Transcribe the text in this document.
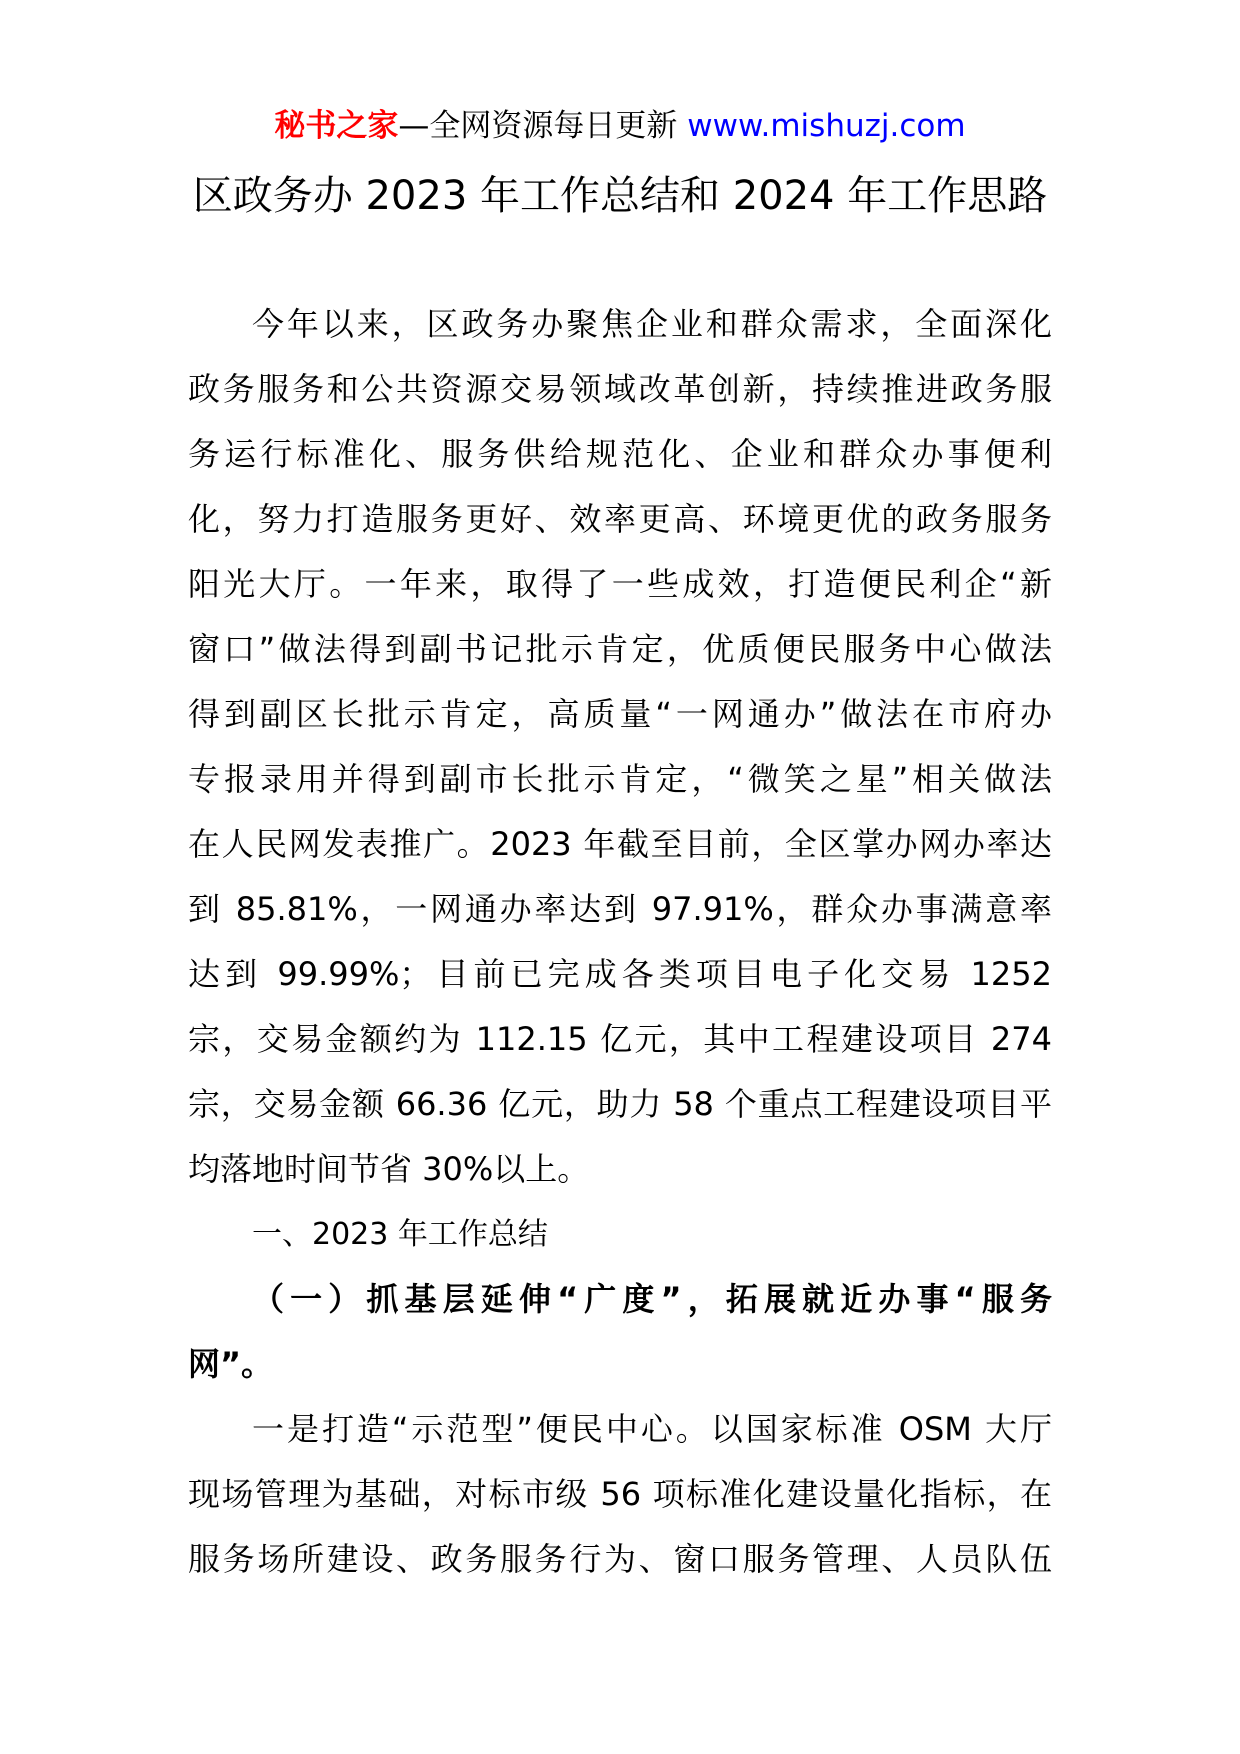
秘书之家—全网资源每日更新 www.mishuzj.com
区政务办 2023 年工作总结和 2024 年工作思路
今年以来，区政务办聚焦企业和群众需求，全面深化
政务服务和公共资源交易领域改革创新，持续推进政务服
务运行标准化、服务供给规范化、企业和群众办事便利
化，努力打造服务更好、效率更高、环境更优的政务服务
阳光大厅。一年来，取得了一些成效，打造便民利企“新
窗口”做法得到副书记批示肯定，优质便民服务中心做法
得到副区长批示肯定，高质量“一网通办”做法在市府办
专报录用并得到副市长批示肯定，“微笑之星”相关做法
在人民网发表推广。2023 年截至目前，全区掌办网办率达
到 85.81%，一网通办率达到 97.91%，群众办事满意率
达到 99.99%；目前已完成各类项目电子化交易 1252
宗，交易金额约为 112.15 亿元，其中工程建设项目 274
宗，交易金额 66.36 亿元，助力 58 个重点工程建设项目平
均落地时间节省 30%以上。
一、2023 年工作总结
（一）抓基层延伸“广度”，拓展就近办事“服务
网”。
一是打造“示范型”便民中心。以国家标准 OSM 大厅
现场管理为基础，对标市级 56 项标准化建设量化指标，在
服务场所建设、政务服务行为、窗口服务管理、人员队伍
